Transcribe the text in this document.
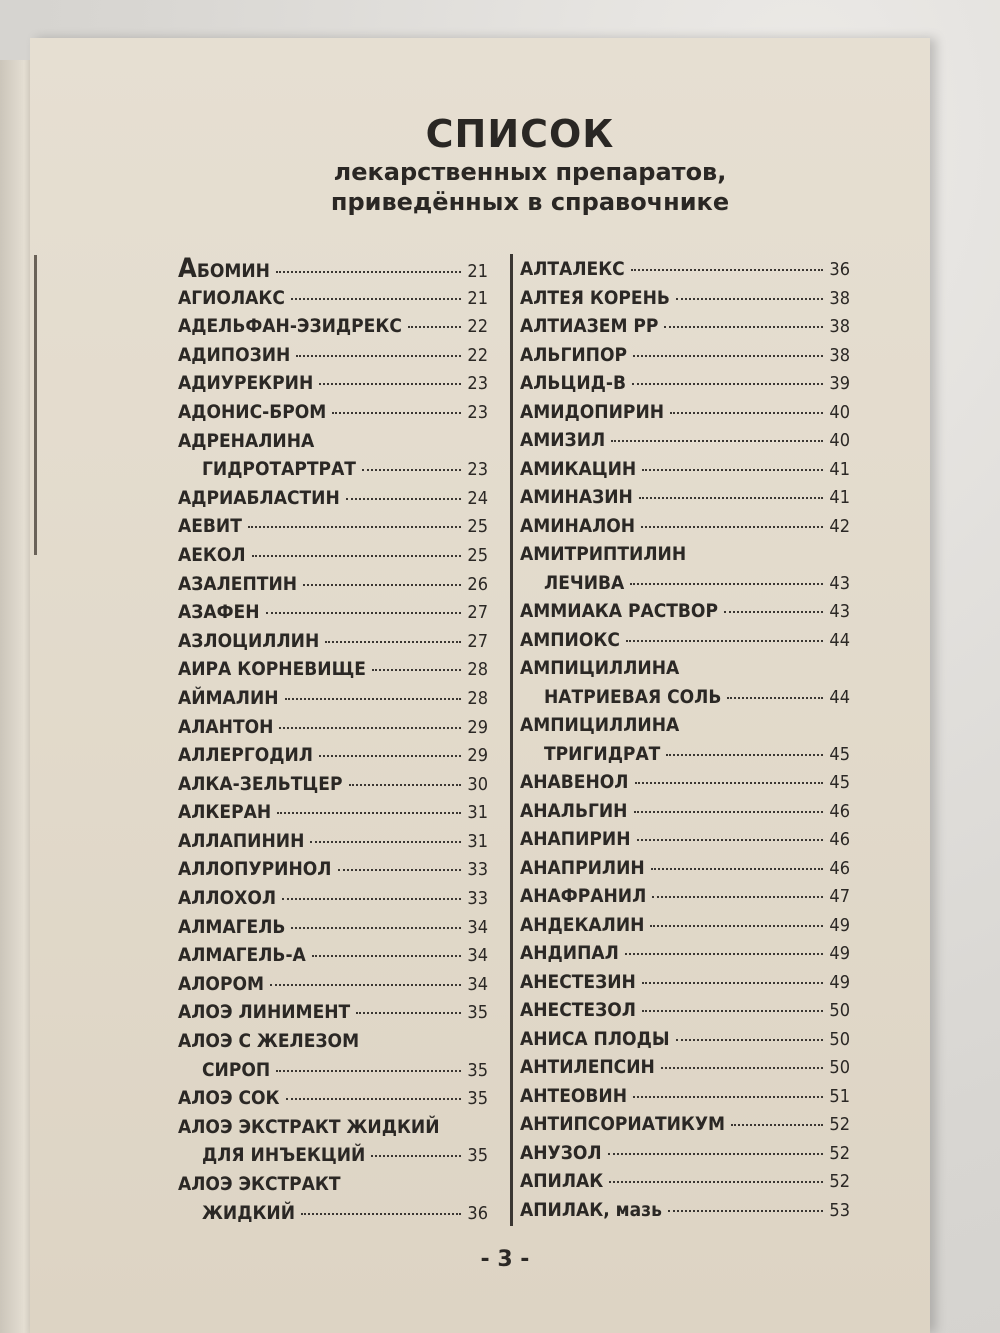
СПИСОК
лекарственных препаратов,
приведённых в справочнике
АБОМИН	21
АГИОЛАКС	21
АДЕЛЬФАН-ЭЗИДРЕКС	22
АДИПОЗИН	22
АДИУРЕКРИН	23
АДОНИС-БРОМ	23
АДРЕНАЛИНА
ГИДРОТАРТРАТ	23
АДРИАБЛАСТИН	24
АЕВИТ	25
АЕКОЛ	25
АЗАЛЕПТИН	26
АЗАФЕН	27
АЗЛОЦИЛЛИН	27
АИРА КОРНЕВИЩЕ	28
АЙМАЛИН	28
АЛАНТОН	29
АЛЛЕРГОДИЛ	29
АЛКА-ЗЕЛЬТЦЕР	30
АЛКЕРАН	31
АЛЛАПИНИН	31
АЛЛОПУРИНОЛ	33
АЛЛОХОЛ	33
АЛМАГЕЛЬ	34
АЛМАГЕЛЬ-А	34
АЛОРОМ	34
АЛОЭ ЛИНИМЕНТ	35
АЛОЭ С ЖЕЛЕЗОМ
СИРОП	35
АЛОЭ СОК	35
АЛОЭ ЭКСТРАКТ ЖИДКИЙ
ДЛЯ ИНЪЕКЦИЙ	35
АЛОЭ ЭКСТРАКТ
ЖИДКИЙ	36
АЛТАЛЕКС	36
АЛТЕЯ КОРЕНЬ	38
АЛТИАЗЕМ РР	38
АЛЬГИПОР	38
АЛЬЦИД-В	39
АМИДОПИРИН	40
АМИЗИЛ	40
АМИКАЦИН	41
АМИНАЗИН	41
АМИНАЛОН	42
АМИТРИПТИЛИН
ЛЕЧИВА	43
АММИАКА РАСТВОР	43
АМПИОКС	44
АМПИЦИЛЛИНА
НАТРИЕВАЯ СОЛЬ	44
АМПИЦИЛЛИНА
ТРИГИДРАТ	45
АНАВЕНОЛ	45
АНАЛЬГИН	46
АНАПИРИН	46
АНАПРИЛИН	46
АНАФРАНИЛ	47
АНДЕКАЛИН	49
АНДИПАЛ	49
АНЕСТЕЗИН	49
АНЕСТЕЗОЛ	50
АНИСА ПЛОДЫ	50
АНТИЛЕПСИН	50
АНТЕОВИН	51
АНТИПСОРИАТИКУМ	52
АНУЗОЛ	52
АПИЛАК	52
АПИЛАК, мазь	53
- 3 -
